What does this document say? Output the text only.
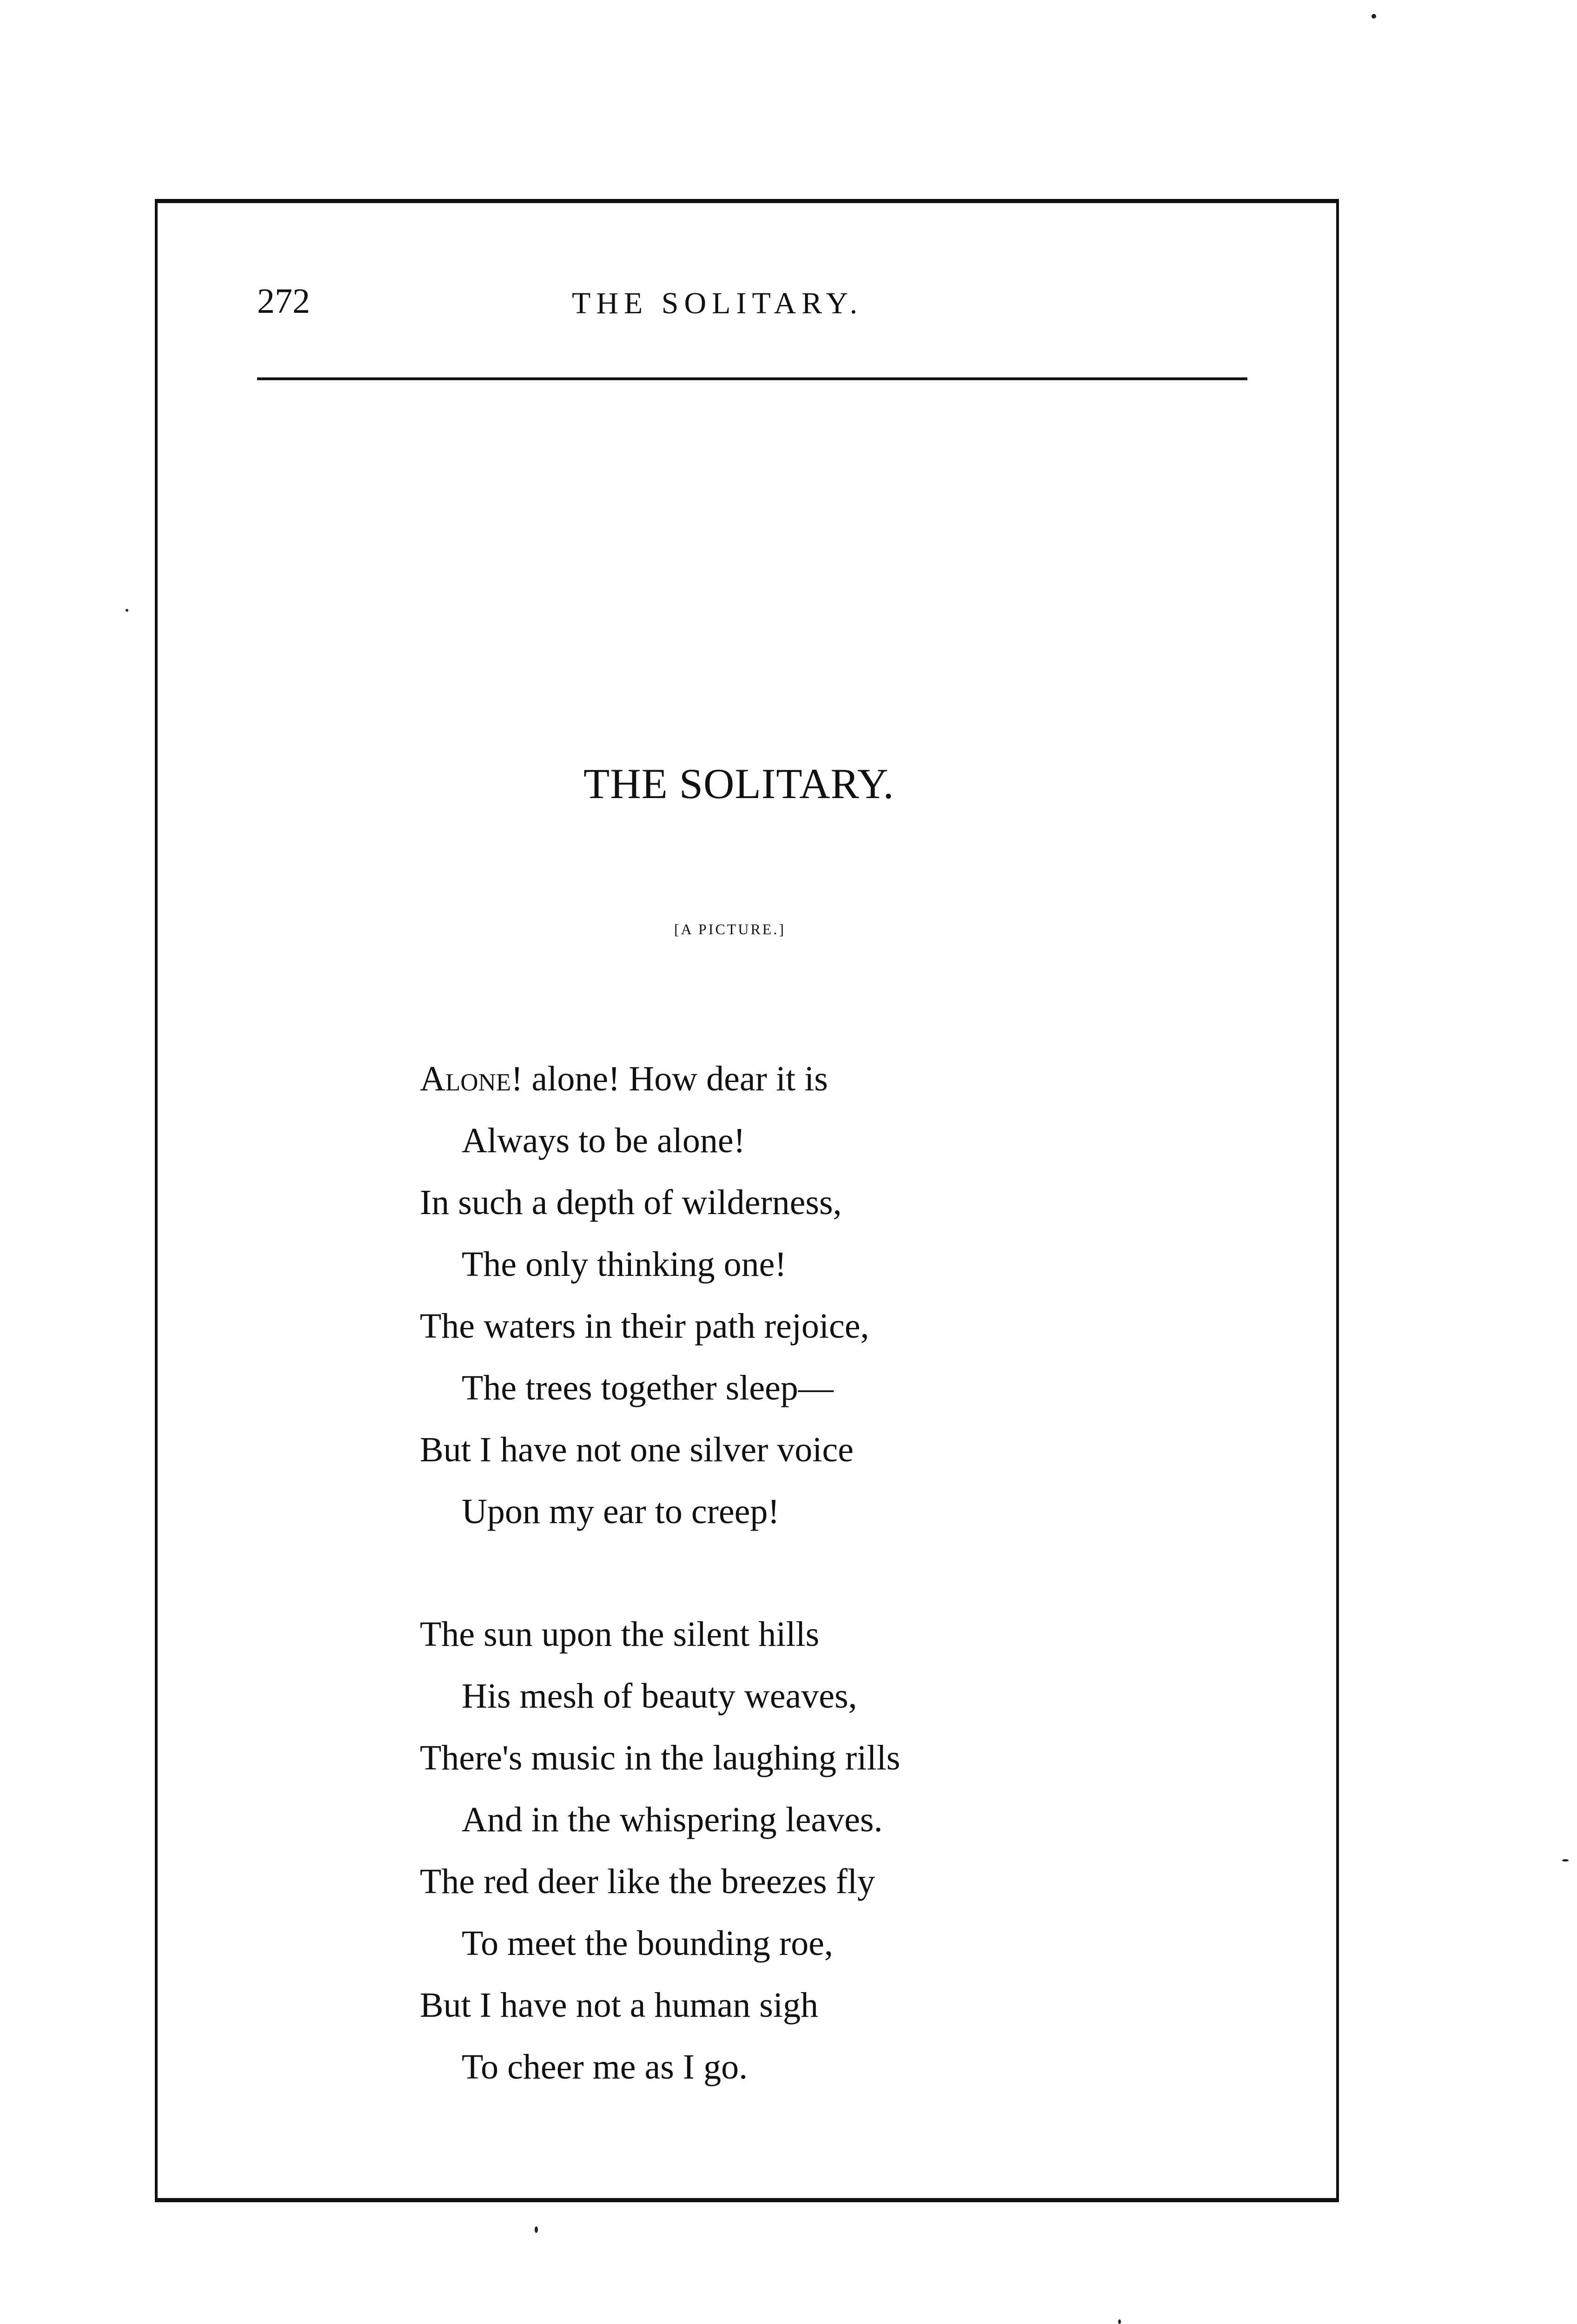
272	THE SOLITARY.
THE SOLITARY.
[A PICTURE.]
Alone! alone! How dear it is
Always to be alone!
In such a depth of wilderness,
The only thinking one!
The waters in their path rejoice,
The trees together sleep—
But I have not one silver voice
Upon my ear to creep!
The sun upon the silent hills
His mesh of beauty weaves,
There's music in the laughing rills
And in the whispering leaves.
The red deer like the breezes fly
To meet the bounding roe,
But I have not a human sigh
To cheer me as I go.
